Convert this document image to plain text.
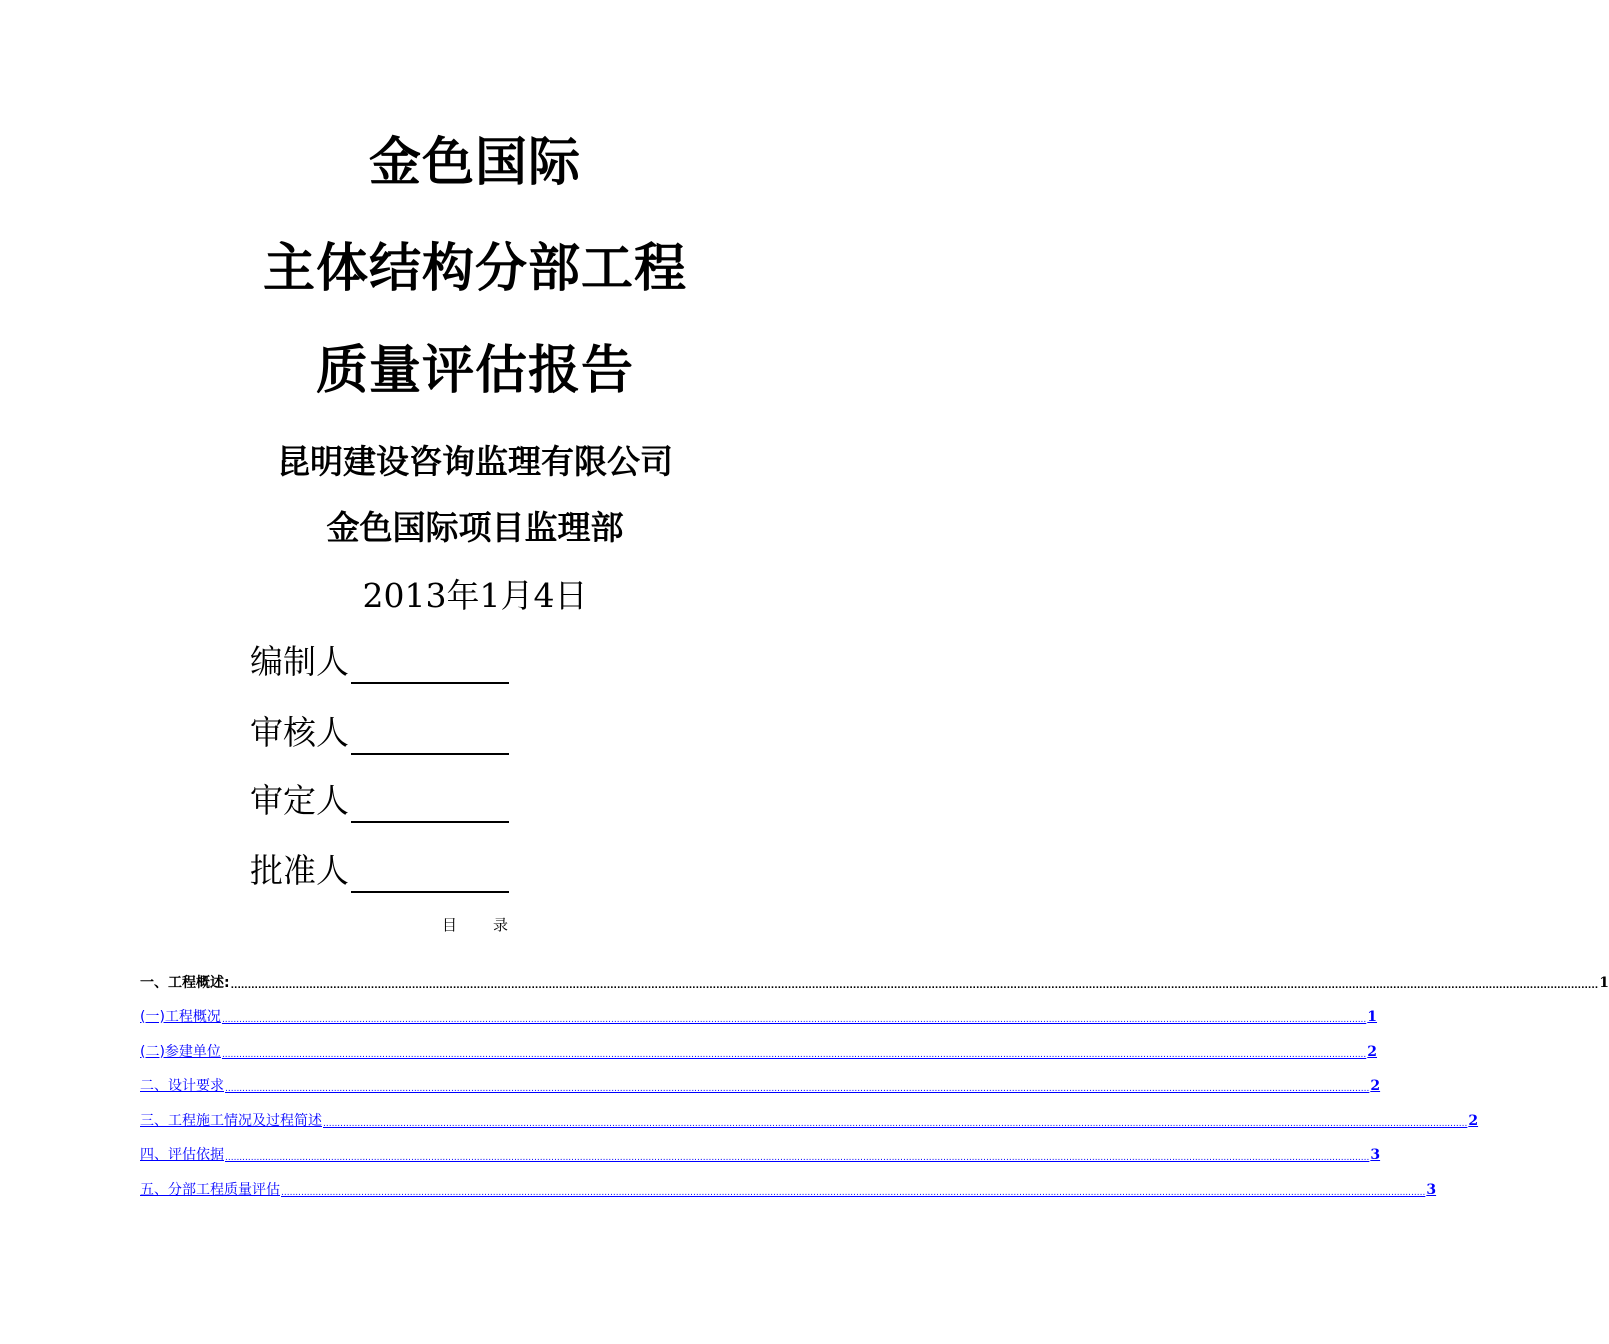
金色国际
主体结构分部工程
质量评估报告
昆明建设咨询监理有限公司
金色国际项目监理部
2013年1月4日
编制人
审核人
审定人
批准人
目录
一、工程概述: ................................................................................................................................................................................................................................................................................................................................................................................................................ 1
(一)工程概况 ................................................................................................................................................................................................................................................................................................................................................................................................................ 1
(二)参建单位 ................................................................................................................................................................................................................................................................................................................................................................................................................ 2
二、设计要求 ................................................................................................................................................................................................................................................................................................................................................................................................................ 2
三、工程施工情况及过程简述 ................................................................................................................................................................................................................................................................................................................................................................................................................ 2
四、评估依据 ................................................................................................................................................................................................................................................................................................................................................................................................................ 3
五、分部工程质量评估 ................................................................................................................................................................................................................................................................................................................................................................................................................ 3
